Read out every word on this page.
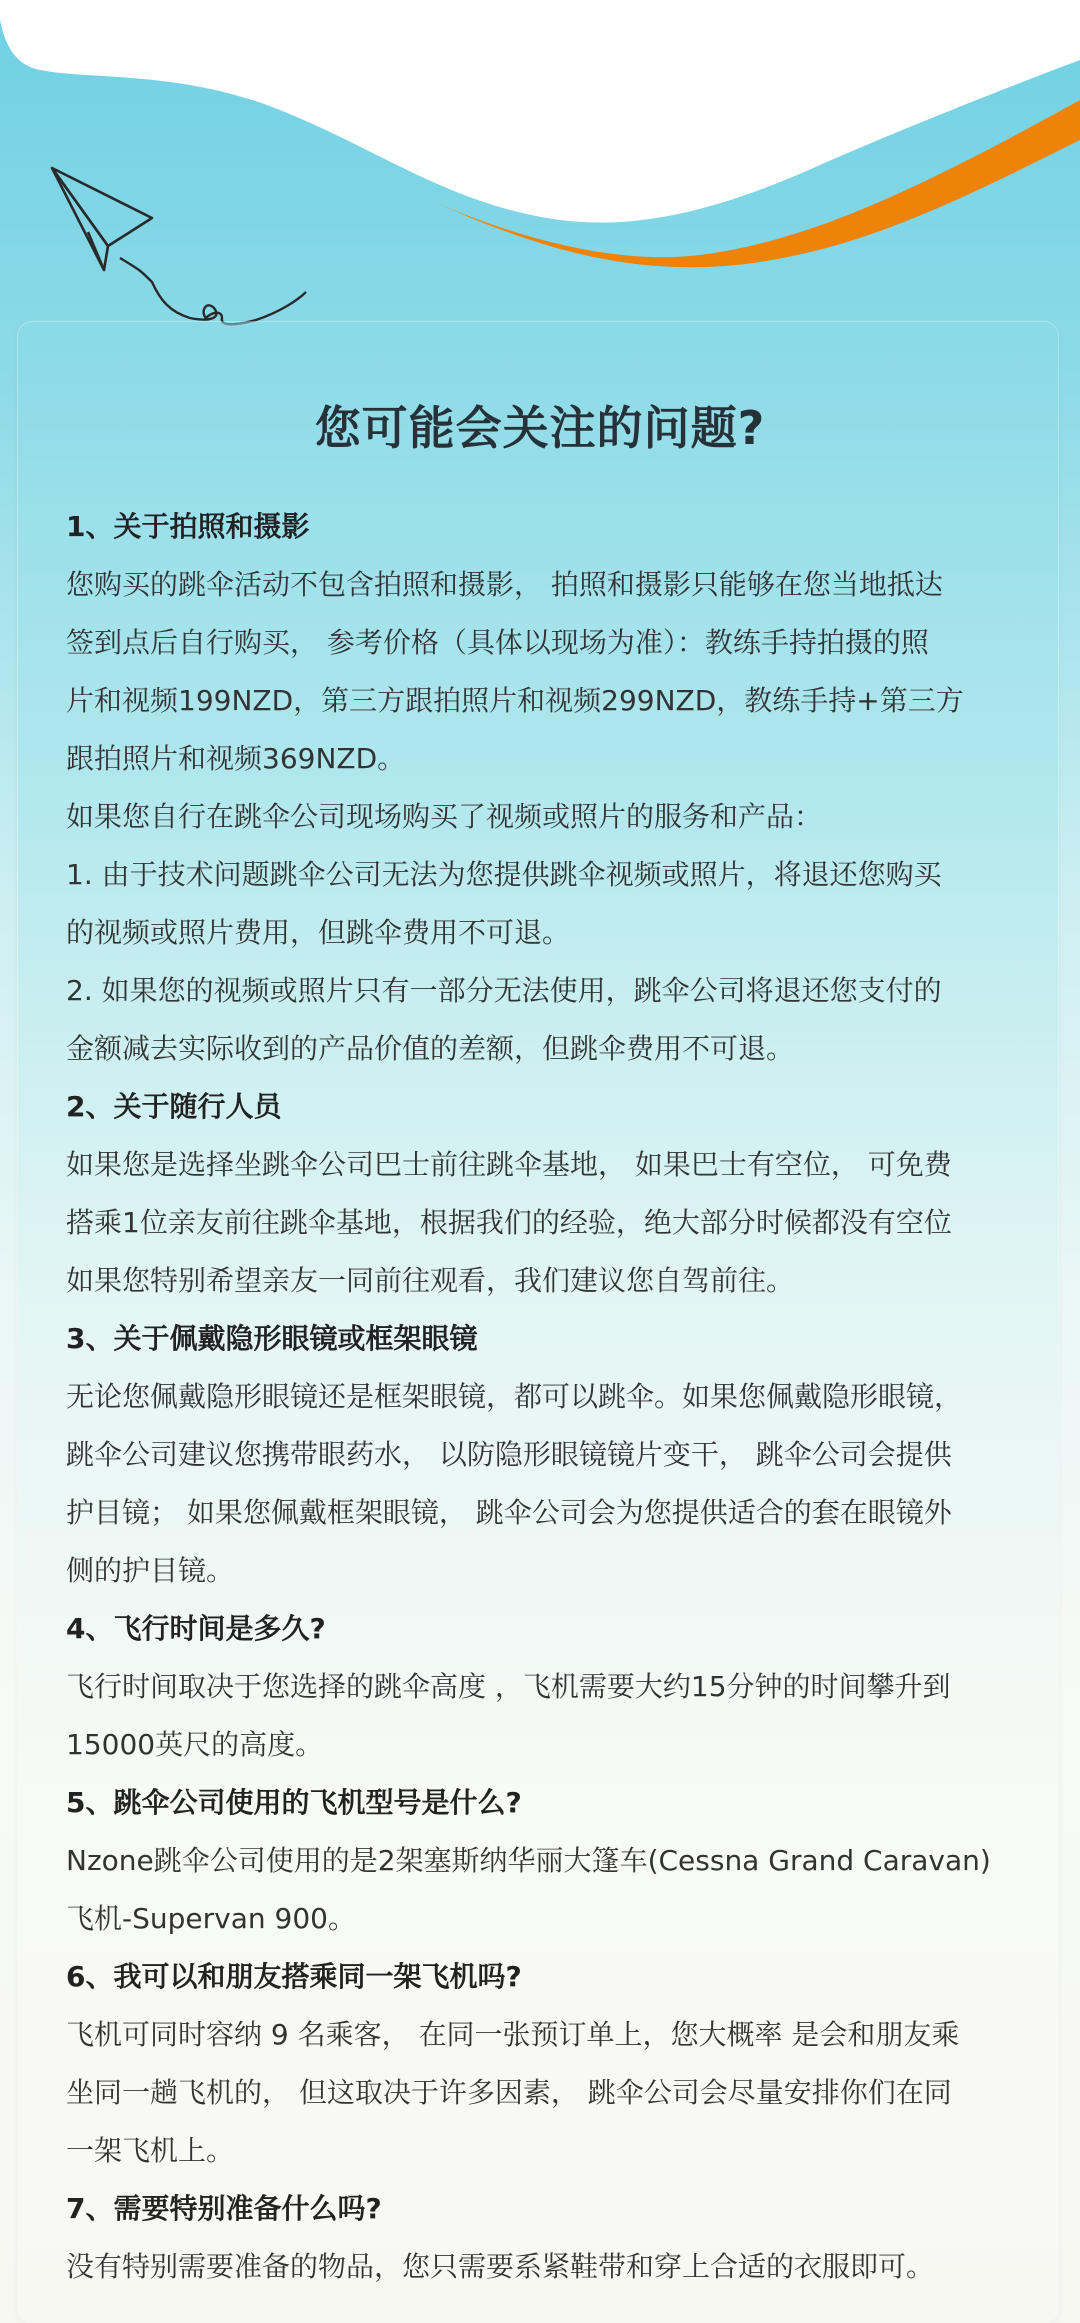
您可能会关注的问题?
1、关于拍照和摄影
您购买的跳伞活动不包含拍照和摄影， 拍照和摄影只能够在您当地抵达
签到点后自行购买， 参考价格（具体以现场为准）：教练手持拍摄的照
片和视频199NZD，第三方跟拍照片和视频299NZD，教练手持+第三方
跟拍照片和视频369NZD。
如果您自行在跳伞公司现场购买了视频或照片的服务和产品：
1. 由于技术问题跳伞公司无法为您提供跳伞视频或照片，将退还您购买
的视频或照片费用，但跳伞费用不可退。
2. 如果您的视频或照片只有一部分无法使用，跳伞公司将退还您支付的
金额减去实际收到的产品价值的差额，但跳伞费用不可退。
2、关于随行人员
如果您是选择坐跳伞公司巴士前往跳伞基地， 如果巴士有空位， 可免费
搭乘1位亲友前往跳伞基地，根据我们的经验，绝大部分时候都没有空位
如果您特别希望亲友一同前往观看，我们建议您自驾前往。
3、关于佩戴隐形眼镜或框架眼镜
无论您佩戴隐形眼镜还是框架眼镜，都可以跳伞。如果您佩戴隐形眼镜，
跳伞公司建议您携带眼药水， 以防隐形眼镜镜片变干， 跳伞公司会提供
护目镜； 如果您佩戴框架眼镜， 跳伞公司会为您提供适合的套在眼镜外
侧的护目镜。
4、飞行时间是多久?
飞行时间取决于您选择的跳伞高度 ，飞机需要大约15分钟的时间攀升到
15000英尺的高度。
5、跳伞公司使用的飞机型号是什么?
Nzone跳伞公司使用的是2架塞斯纳华丽大篷车(Cessna Grand Caravan)
飞机-Supervan 900。
6、我可以和朋友搭乘同一架飞机吗?
飞机可同时容纳 9 名乘客， 在同一张预订单上，您大概率 是会和朋友乘
坐同一趟飞机的， 但这取决于许多因素， 跳伞公司会尽量安排你们在同
一架飞机上。
7、需要特别准备什么吗?
没有特别需要准备的物品，您只需要系紧鞋带和穿上合适的衣服即可。
